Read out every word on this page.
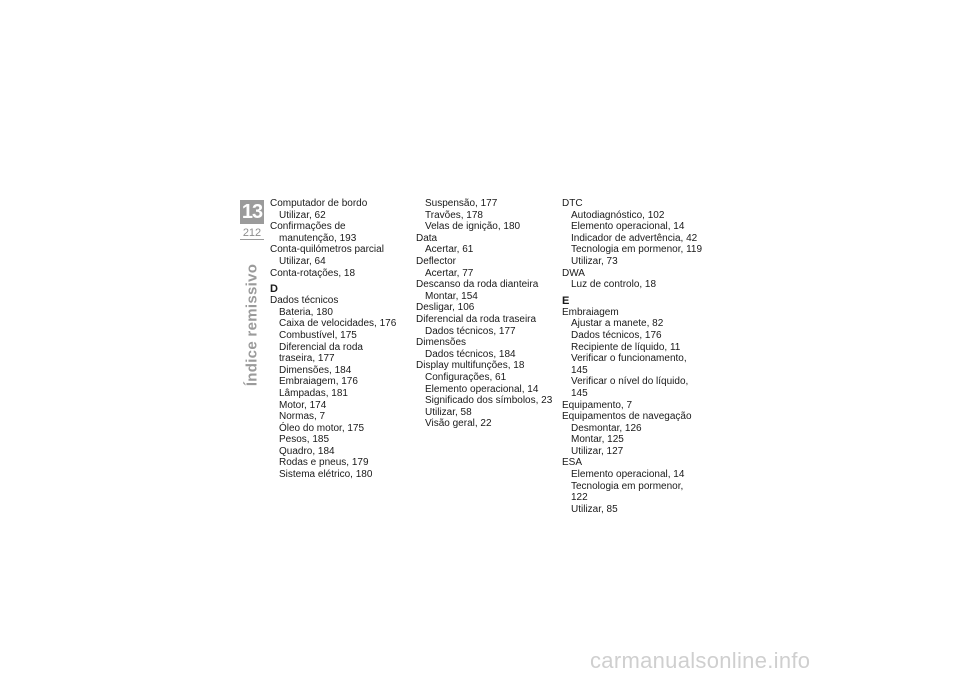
13
212
Índice remissivo
Computador de bordo
Utilizar, 62
Confirmações de
manutenção, 193
Conta-quilómetros parcial
Utilizar, 64
Conta-rotações, 18
D
Dados técnicos
Bateria, 180
Caixa de velocidades, 176
Combustível, 175
Diferencial da roda
traseira, 177
Dimensões, 184
Embraiagem, 176
Lâmpadas, 181
Motor, 174
Normas, 7
Óleo do motor, 175
Pesos, 185
Quadro, 184
Rodas e pneus, 179
Sistema elétrico, 180
Suspensão, 177
Travões, 178
Velas de ignição, 180
Data
Acertar, 61
Deflector
Acertar, 77
Descanso da roda dianteira
Montar, 154
Desligar, 106
Diferencial da roda traseira
Dados técnicos, 177
Dimensões
Dados técnicos, 184
Display multifunções, 18
Configurações, 61
Elemento operacional, 14
Significado dos símbolos, 23
Utilizar, 58
Visão geral, 22
DTC
Autodiagnóstico, 102
Elemento operacional, 14
Indicador de advertência, 42
Tecnologia em pormenor, 119
Utilizar, 73
DWA
Luz de controlo, 18
E
Embraiagem
Ajustar a manete, 82
Dados técnicos, 176
Recipiente de líquido, 11
Verificar o funcionamento, 145
Verificar o nível do líquido, 145
Equipamento, 7
Equipamentos de navegação
Desmontar, 126
Montar, 125
Utilizar, 127
ESA
Elemento operacional, 14
Tecnologia em pormenor, 122
Utilizar, 85
carmanualsonline.info
